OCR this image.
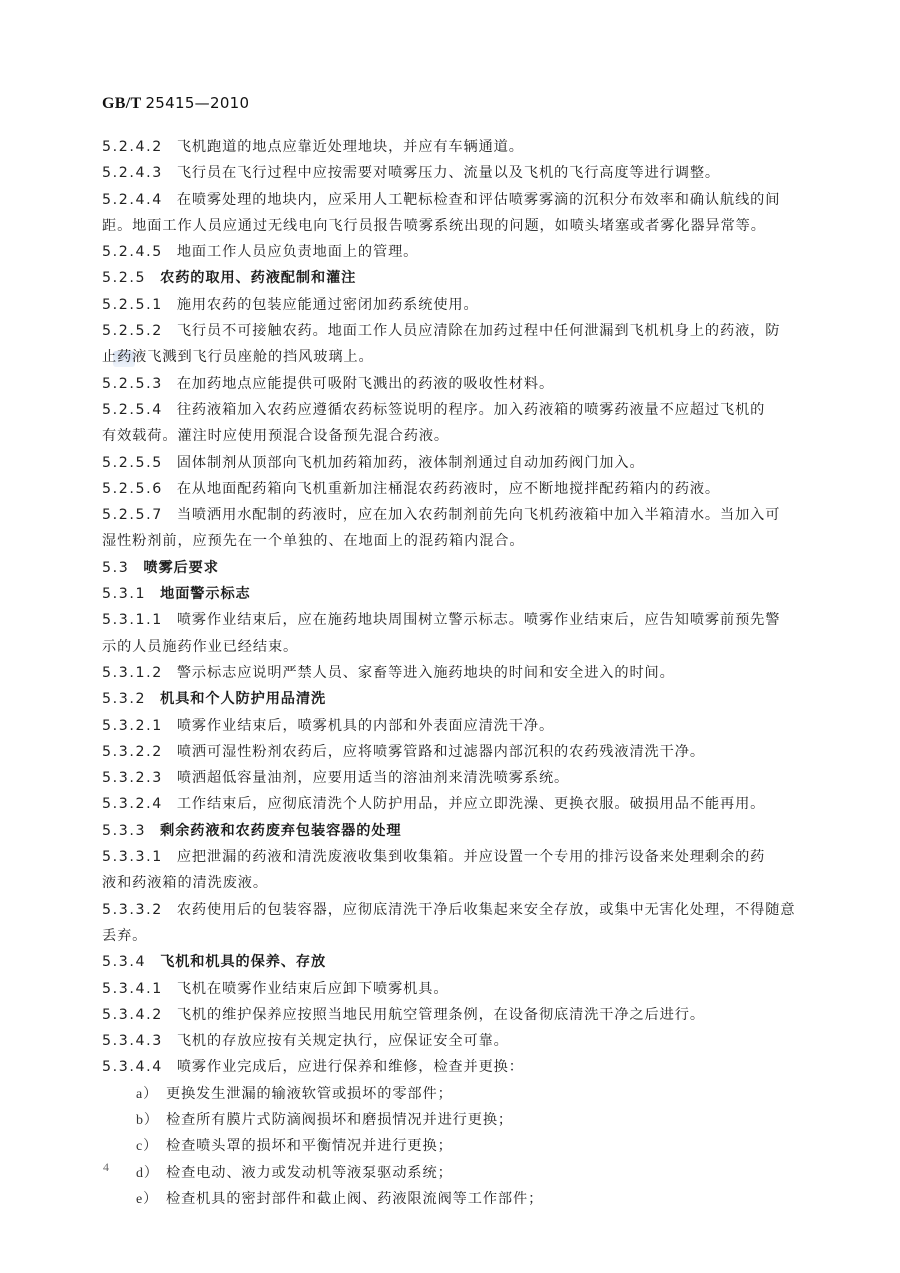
GB/T 25415—2010
5.2.4.2 飞机跑道的地点应靠近处理地块，并应有车辆通道。
5.2.4.3 飞行员在飞行过程中应按需要对喷雾压力、流量以及飞机的飞行高度等进行调整。
5.2.4.4 在喷雾处理的地块内，应采用人工靶标检查和评估喷雾雾滴的沉积分布效率和确认航线的间
距。地面工作人员应通过无线电向飞行员报告喷雾系统出现的问题，如喷头堵塞或者雾化器异常等。
5.2.4.5 地面工作人员应负责地面上的管理。
5.2.5 农药的取用、药液配制和灌注
5.2.5.1 施用农药的包装应能通过密闭加药系统使用。
5.2.5.2 飞行员不可接触农药。地面工作人员应清除在加药过程中任何泄漏到飞机机身上的药液，防
止药液飞溅到飞行员座舱的挡风玻璃上。
5.2.5.3 在加药地点应能提供可吸附飞溅出的药液的吸收性材料。
5.2.5.4 往药液箱加入农药应遵循农药标签说明的程序。加入药液箱的喷雾药液量不应超过飞机的
有效载荷。灌注时应使用预混合设备预先混合药液。
5.2.5.5 固体制剂从顶部向飞机加药箱加药，液体制剂通过自动加药阀门加入。
5.2.5.6 在从地面配药箱向飞机重新加注桶混农药药液时，应不断地搅拌配药箱内的药液。
5.2.5.7 当喷洒用水配制的药液时，应在加入农药制剂前先向飞机药液箱中加入半箱清水。当加入可
湿性粉剂前，应预先在一个单独的、在地面上的混药箱内混合。
5.3 喷雾后要求
5.3.1 地面警示标志
5.3.1.1 喷雾作业结束后，应在施药地块周围树立警示标志。喷雾作业结束后，应告知喷雾前预先警
示的人员施药作业已经结束。
5.3.1.2 警示标志应说明严禁人员、家畜等进入施药地块的时间和安全进入的时间。
5.3.2 机具和个人防护用品清洗
5.3.2.1 喷雾作业结束后，喷雾机具的内部和外表面应清洗干净。
5.3.2.2 喷洒可湿性粉剂农药后，应将喷雾管路和过滤器内部沉积的农药残液清洗干净。
5.3.2.3 喷洒超低容量油剂，应要用适当的溶油剂来清洗喷雾系统。
5.3.2.4 工作结束后，应彻底清洗个人防护用品，并应立即洗澡、更换衣服。破损用品不能再用。
5.3.3 剩余药液和农药废弃包装容器的处理
5.3.3.1 应把泄漏的药液和清洗废液收集到收集箱。并应设置一个专用的排污设备来处理剩余的药
液和药液箱的清洗废液。
5.3.3.2 农药使用后的包装容器，应彻底清洗干净后收集起来安全存放，或集中无害化处理，不得随意
丢弃。
5.3.4 飞机和机具的保养、存放
5.3.4.1 飞机在喷雾作业结束后应卸下喷雾机具。
5.3.4.2 飞机的维护保养应按照当地民用航空管理条例，在设备彻底清洗干净之后进行。
5.3.4.3 飞机的存放应按有关规定执行，应保证安全可靠。
5.3.4.4 喷雾作业完成后，应进行保养和维修，检查并更换：
a） 更换发生泄漏的输液软管或损坏的零部件；
b） 检查所有膜片式防滴阀损坏和磨损情况并进行更换；
c） 检查喷头罩的损坏和平衡情况并进行更换；
d） 检查电动、液力或发动机等液泵驱动系统；
e） 检查机具的密封部件和截止阀、药液限流阀等工作部件；
4
